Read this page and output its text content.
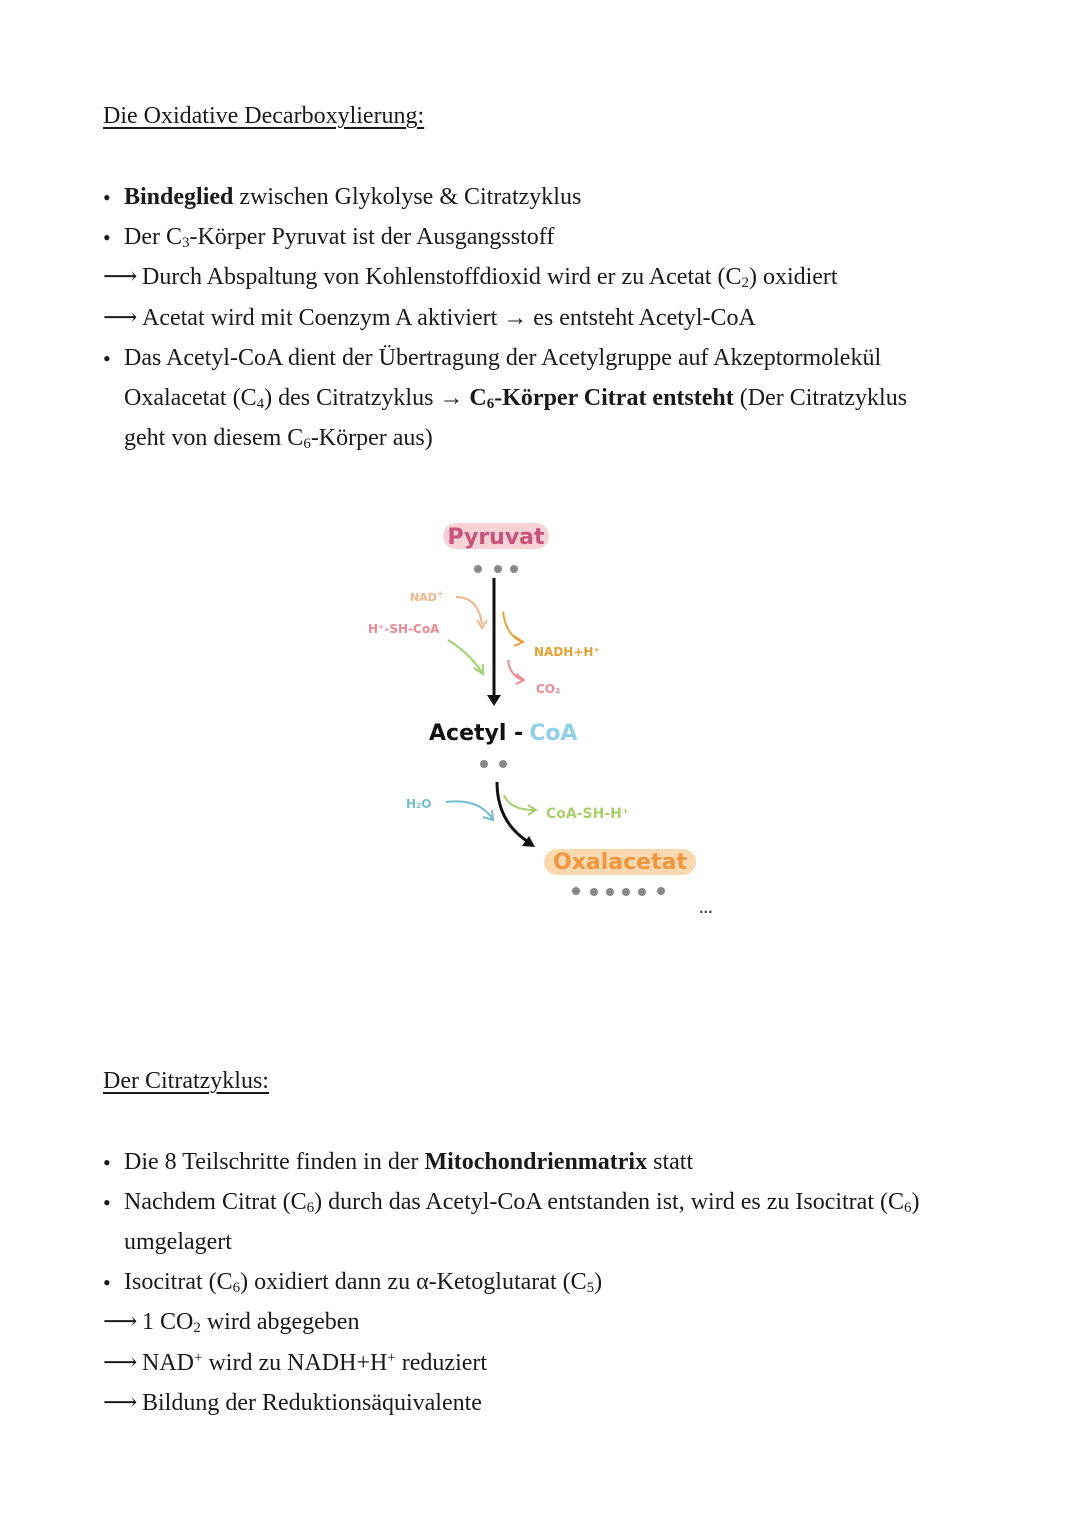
Die Oxidative Decarboxylierung:
• Bindeglied zwischen Glykolyse & Citratzyklus
• Der $C_3$-Körper Pyruvat ist der Ausgangsstoff
⟶ Durch Abspaltung von Kohlenstoffdioxid wird er zu Acetat $(C_2)$ oxidiert
⟶ Acetat wird mit Coenzym A aktiviert → es entsteht Acetyl-CoA
• Das Acetyl-CoA dient der Übertragung der Acetylgruppe auf Akzeptormolekül
Oxalacetat $(C_4)$ des Citratzyklus → $C_6$-Körper Citrat entsteht (Der Citratzyklus
geht von diesem $C_6$-Körper aus)
Pyruvat
NAD+
H⁺-SH-CoA
NADH+H⁺
CO₂
Acetyl - CoA
H₂O
CoA-SH-H⁺
Oxalacetat
...
Der Citratzyklus:
• Die 8 Teilschritte finden in der Mitochondrienmatrix statt
• Nachdem Citrat $(C_6)$ durch das Acetyl-CoA entstanden ist, wird es zu Isocitrat $(C_6)$
umgelagert
• Isocitrat $(C_6)$ oxidiert dann zu α-Ketoglutarat $(C_5)$
⟶ 1 $CO_2$ wird abgegeben
⟶ NAD+ wird zu NADH+H+ reduziert
⟶ Bildung der Reduktionsäquivalente
